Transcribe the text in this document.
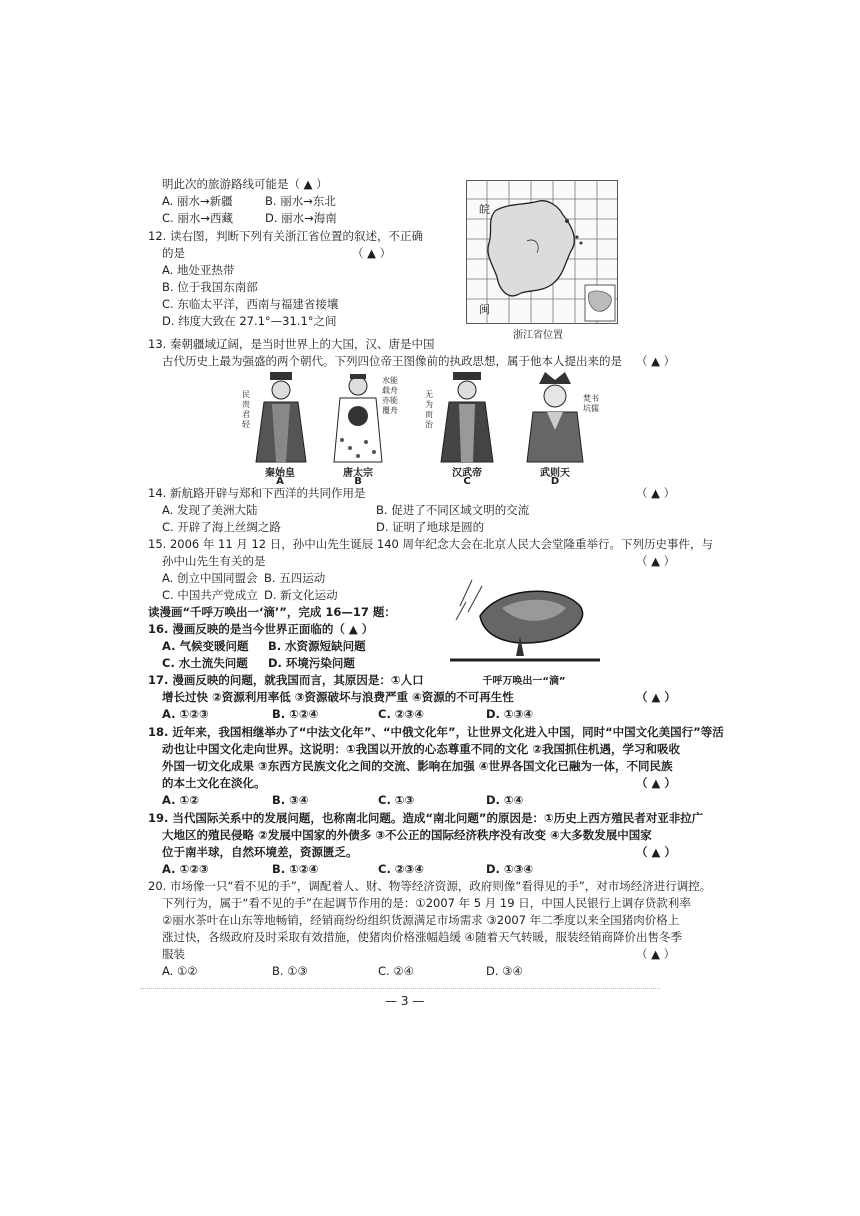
明此次的旅游路线可能是（ ▲ ）
A. 丽水→新疆	B. 丽水→东北
C. 丽水→西藏	D. 丽水→海南
12. 读右图，判断下列有关浙江省位置的叙述，不正确
的是	（ ▲ ）
A. 地处亚热带
B. 位于我国东南部
C. 东临太平洋，西南与福建省接壤
D. 纬度大致在 27.1°—31.1°之间
皖
闽
浙江省位置
13. 秦朝疆域辽阔，是当时世界上的大国，汉、唐是中国
古代历史上最为强盛的两个朝代。下列四位帝王图像前的执政思想，属于他本人提出来的是 （ ▲ ）
民贵 君轻
秦始皇
A
水能载舟 亦能覆舟
唐太宗
B
无为而治
汉武帝
C
焚书 坑儒
武则天
D
14. 新航路开辟与郑和下西洋的共同作用是	（ ▲ ）
A. 发现了美洲大陆	B. 促进了不同区域文明的交流
C. 开辟了海上丝绸之路	D. 证明了地球是圆的
15. 2006 年 11 月 12 日，孙中山先生诞辰 140 周年纪念大会在北京人民大会堂隆重举行。下列历史事件，与
孙中山先生有关的是	（ ▲ ）
A. 创立中国同盟会 B. 五四运动
C. 中国共产党成立 D. 新文化运动
读漫画“千呼万唤出一‘滴’”，完成 16—17 题：
千呼万唤出一“滴”
16. 漫画反映的是当今世界正面临的（ ▲ ）
A. 气候变暖问题 B. 水资源短缺问题
C. 水土流失问题 D. 环境污染问题
17. 漫画反映的问题，就我国而言，其原因是：①人口
增长过快 ②资源利用率低 ③资源破坏与浪费严重 ④资源的不可再生性	（ ▲ ）
A. ①②③	B. ①②④	C. ②③④	D. ①③④
18. 近年来，我国相继举办了“中法文化年”、“中俄文化年”，让世界文化进入中国，同时“中国文化美国行”等活
动也让中国文化走向世界。这说明：①我国以开放的心态尊重不同的文化 ②我国抓住机遇，学习和吸收
外国一切文化成果 ③东西方民族文化之间的交流、影响在加强 ④世界各国文化已融为一体，不同民族
的本土文化在淡化。	（ ▲ ）
A. ①②	B. ③④	C. ①③	D. ①④
19. 当代国际关系中的发展问题，也称南北问题。造成“南北问题”的原因是：①历史上西方殖民者对亚非拉广
大地区的殖民侵略 ②发展中国家的外债多 ③不公正的国际经济秩序没有改变 ④大多数发展中国家
位于南半球，自然环境差，资源匮乏。	（ ▲ ）
A. ①②③	B. ①②④	C. ②③④	D. ①③④
20. 市场像一只“看不见的手”，调配着人、财、物等经济资源，政府则像“看得见的手”，对市场经济进行调控。
下列行为，属于“看不见的手”在起调节作用的是：①2007 年 5 月 19 日，中国人民银行上调存贷款利率
②丽水茶叶在山东等地畅销，经销商纷纷组织货源满足市场需求 ③2007 年二季度以来全国猪肉价格上
涨过快，各级政府及时采取有效措施，使猪肉价格涨幅趋缓 ④随着天气转暖，服装经销商降价出售冬季
服装	（ ▲ ）
A. ①②	B. ①③	C. ②④	D. ③④
— 3 —
